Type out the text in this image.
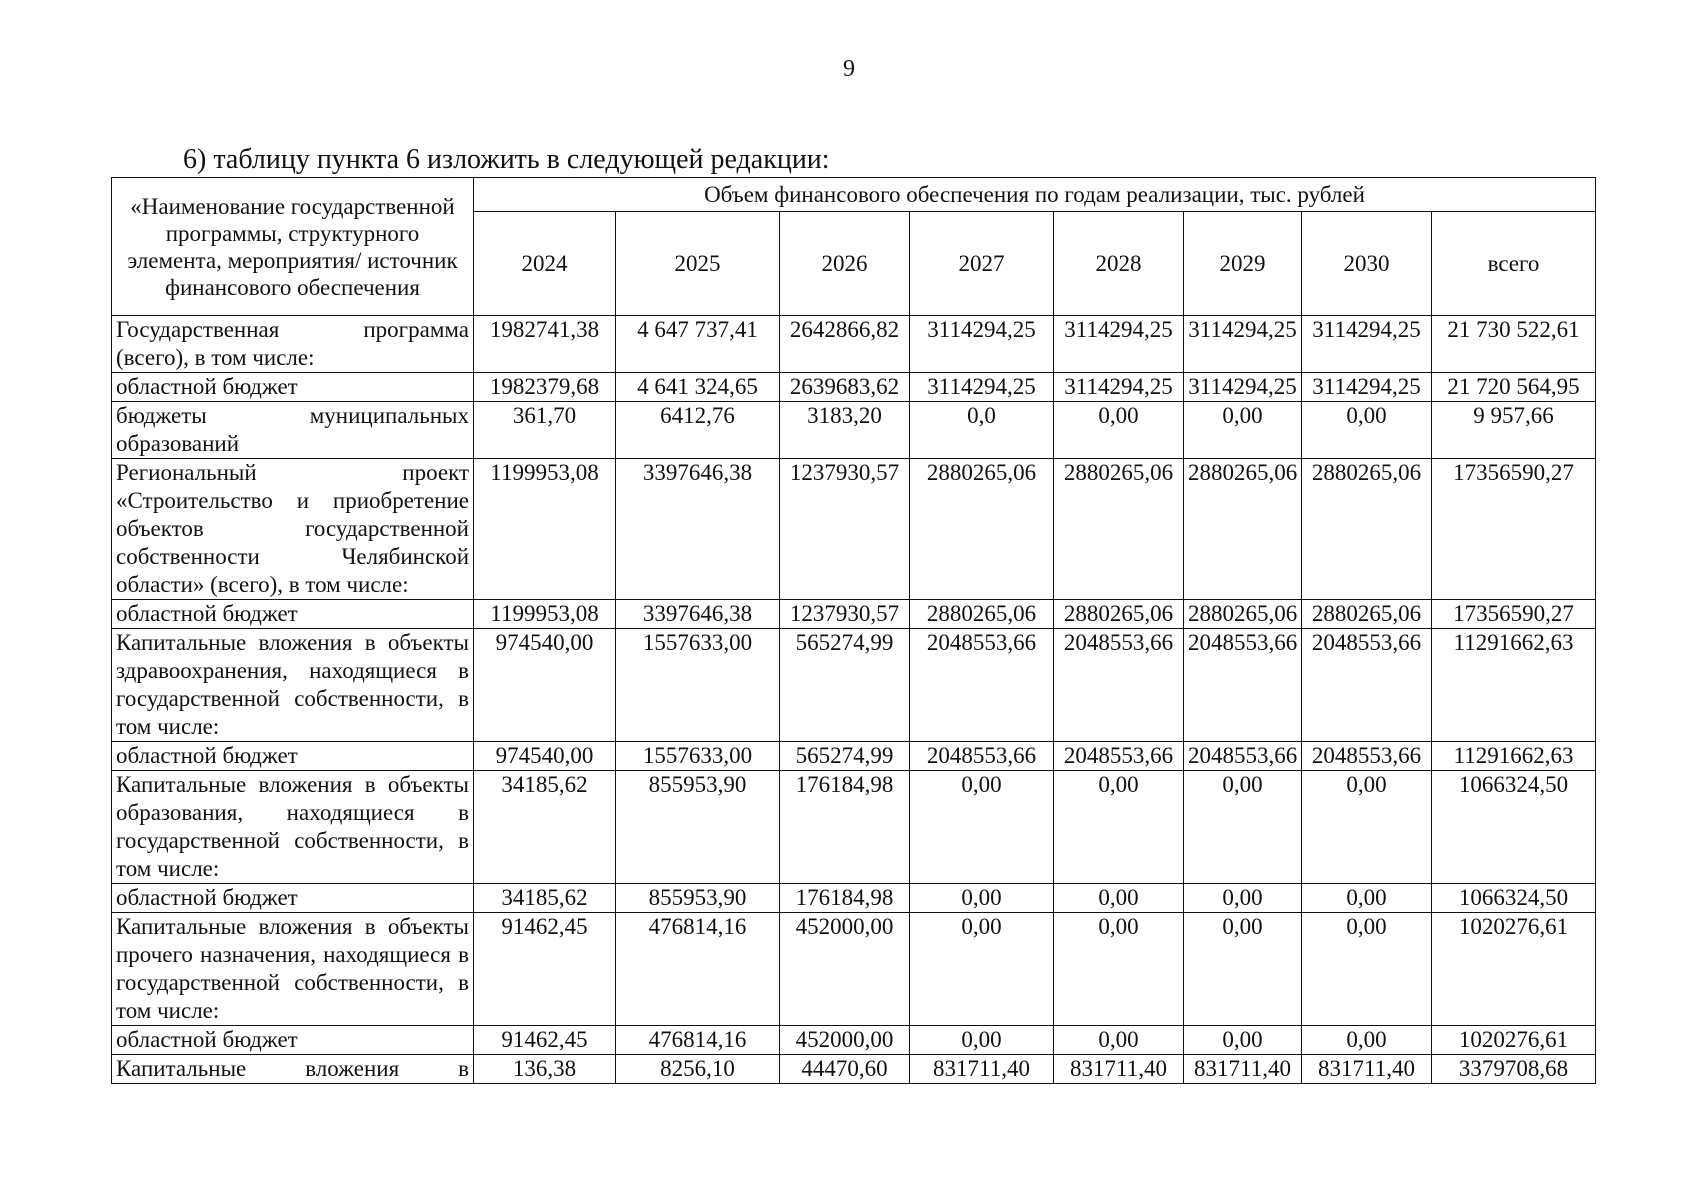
9
6) таблицу пункта 6 изложить в следующей редакции:
«Наименование государственной программы, структурного элемента, мероприятия/ источник финансового обеспечения	Объем финансового обеспечения по годам реализации, тыс. рублей							
	2024	2025	2026	2027	2028	2029	2030	всего
Государственная программа (всего), в том числе:	1982741,38	4 647 737,41	2642866,82	3114294,25	3114294,25	3114294,25	3114294,25	21 730 522,61
областной бюджет	1982379,68	4 641 324,65	2639683,62	3114294,25	3114294,25	3114294,25	3114294,25	21 720 564,95
бюджеты муниципальных образований	361,70	6412,76	3183,20	0,0	0,00	0,00	0,00	9 957,66
Региональный проект «Строительство и приобретение объектов государственной собственности Челябинской области» (всего), в том числе:	1199953,08	3397646,38	1237930,57	2880265,06	2880265,06	2880265,06	2880265,06	17356590,27
областной бюджет	1199953,08	3397646,38	1237930,57	2880265,06	2880265,06	2880265,06	2880265,06	17356590,27
Капитальные вложения в объекты здравоохранения, находящиеся в государственной собственности, в том числе:	974540,00	1557633,00	565274,99	2048553,66	2048553,66	2048553,66	2048553,66	11291662,63
областной бюджет	974540,00	1557633,00	565274,99	2048553,66	2048553,66	2048553,66	2048553,66	11291662,63
Капитальные вложения в объекты образования, находящиеся в государственной собственности, в том числе:	34185,62	855953,90	176184,98	0,00	0,00	0,00	0,00	1066324,50
областной бюджет	34185,62	855953,90	176184,98	0,00	0,00	0,00	0,00	1066324,50
Капитальные вложения в объекты прочего назначения, находящиеся в государственной собственности, в том числе:	91462,45	476814,16	452000,00	0,00	0,00	0,00	0,00	1020276,61
областной бюджет	91462,45	476814,16	452000,00	0,00	0,00	0,00	0,00	1020276,61
Капитальные вложения в	136,38	8256,10	44470,60	831711,40	831711,40	831711,40	831711,40	3379708,68
